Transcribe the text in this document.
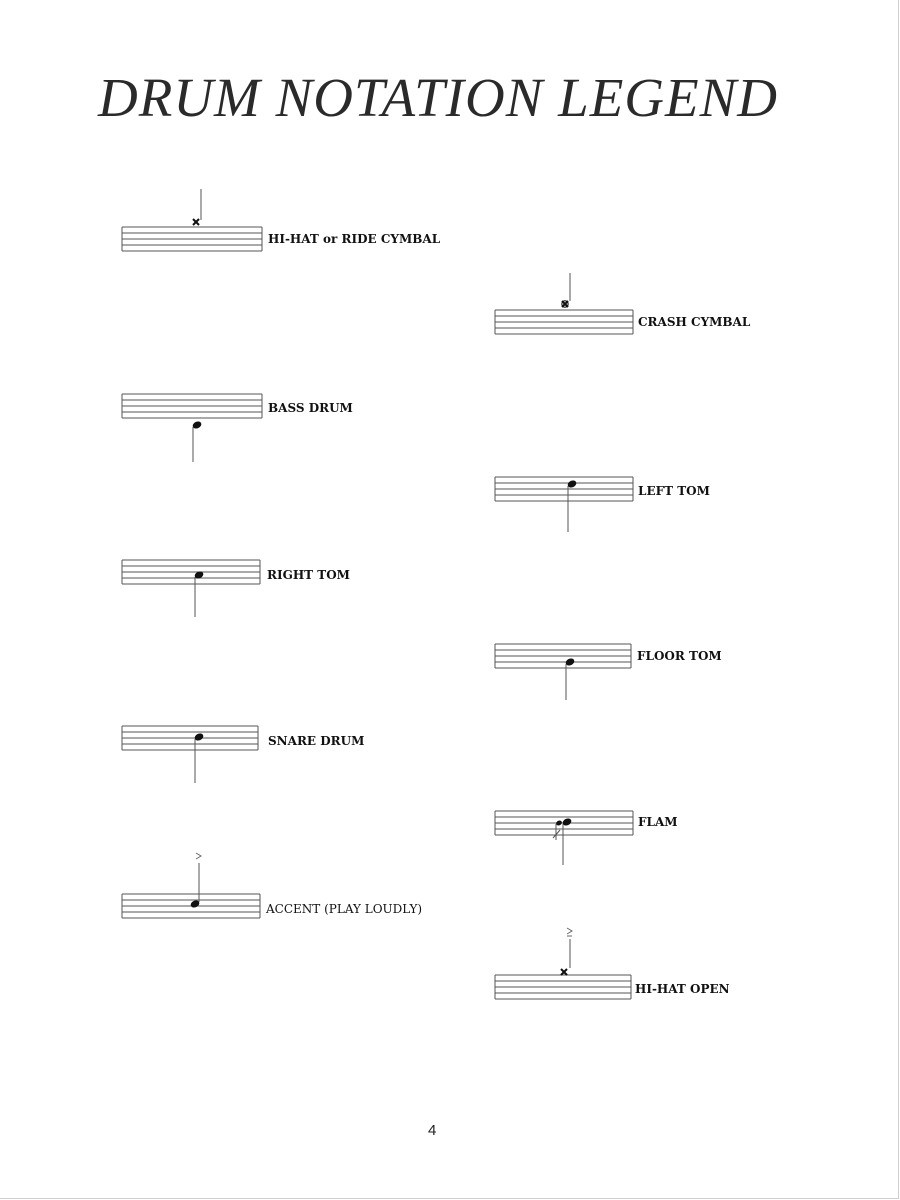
DRUM NOTATION LEGEND
HI-HAT or RIDE CYMBAL
CRASH CYMBAL
BASS DRUM
LEFT TOM
RIGHT TOM
FLOOR TOM
SNARE DRUM
FLAM
ACCENT (PLAY LOUDLY)
HI-HAT OPEN
4
